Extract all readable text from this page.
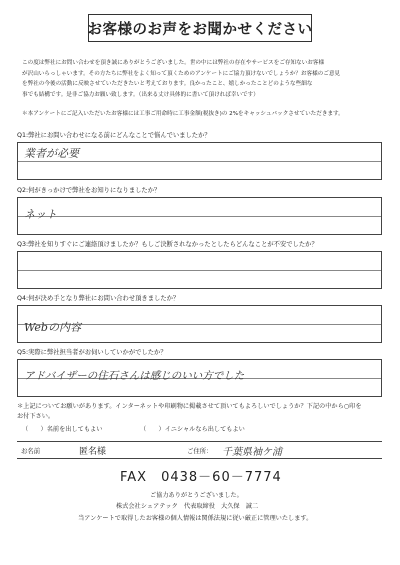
お客様のお声をお聞かせください
この度は弊社にお問い合わせを頂き誠にありがとうございました。世の中には弊社の存在やサービスをご存知ないお客様
が沢山いらっしゃいます。その方たちに弊社をよく知って頂くためのアンケートにご協力頂けないでしょうか？お客様のご意見
を弊社の今後の活動に反映させていただきたいと考えております。良かったこと、嬉しかったことどのような些細な
事でも結構です。是非ご協力お願い致します。（出来る丈け具体的に書いて頂ければ幸いです）
＊本アンケートにご記入いただいたお客様には工事ご用命時に工事金額(税抜き)の 2%をキャッシュバックさせていただきます。
Q1:弊社にお問い合わせになる前にどんなことで悩んでいましたか？
業者が必要
Q2:何がきっかけで弊社をお知りになりましたか？
ネット
Q3:弊社を知りすぐにご連絡頂けましたか？もしご決断されなかったとしたらどんなことが不安でしたか？
Q4:何が決め手となり弊社にお問い合わせ頂きましたか？
Webの内容
Q5:実際に弊社担当者がお伺いしていかがでしたか？
アドバイザーの住石さんは感じのいい方でした
＊上記についてお願いがあります。インターネットや印刷物に掲載させて頂いてもよろしいでしょうか？下記の中から○印を
お付下さい。
（　　）名前を出してもよい	（　　）イニシャルなら出してもよい
お名前	匿名様	ご住所： 千葉県袖ケ浦
FAX　0438－60－7774
ご協力ありがとうございました。
株式会社シェアテック　代表取締役　大久保　誠二
当アンケートで取得したお客様の個人情報は関係法規に従い厳正に管理いたします。
